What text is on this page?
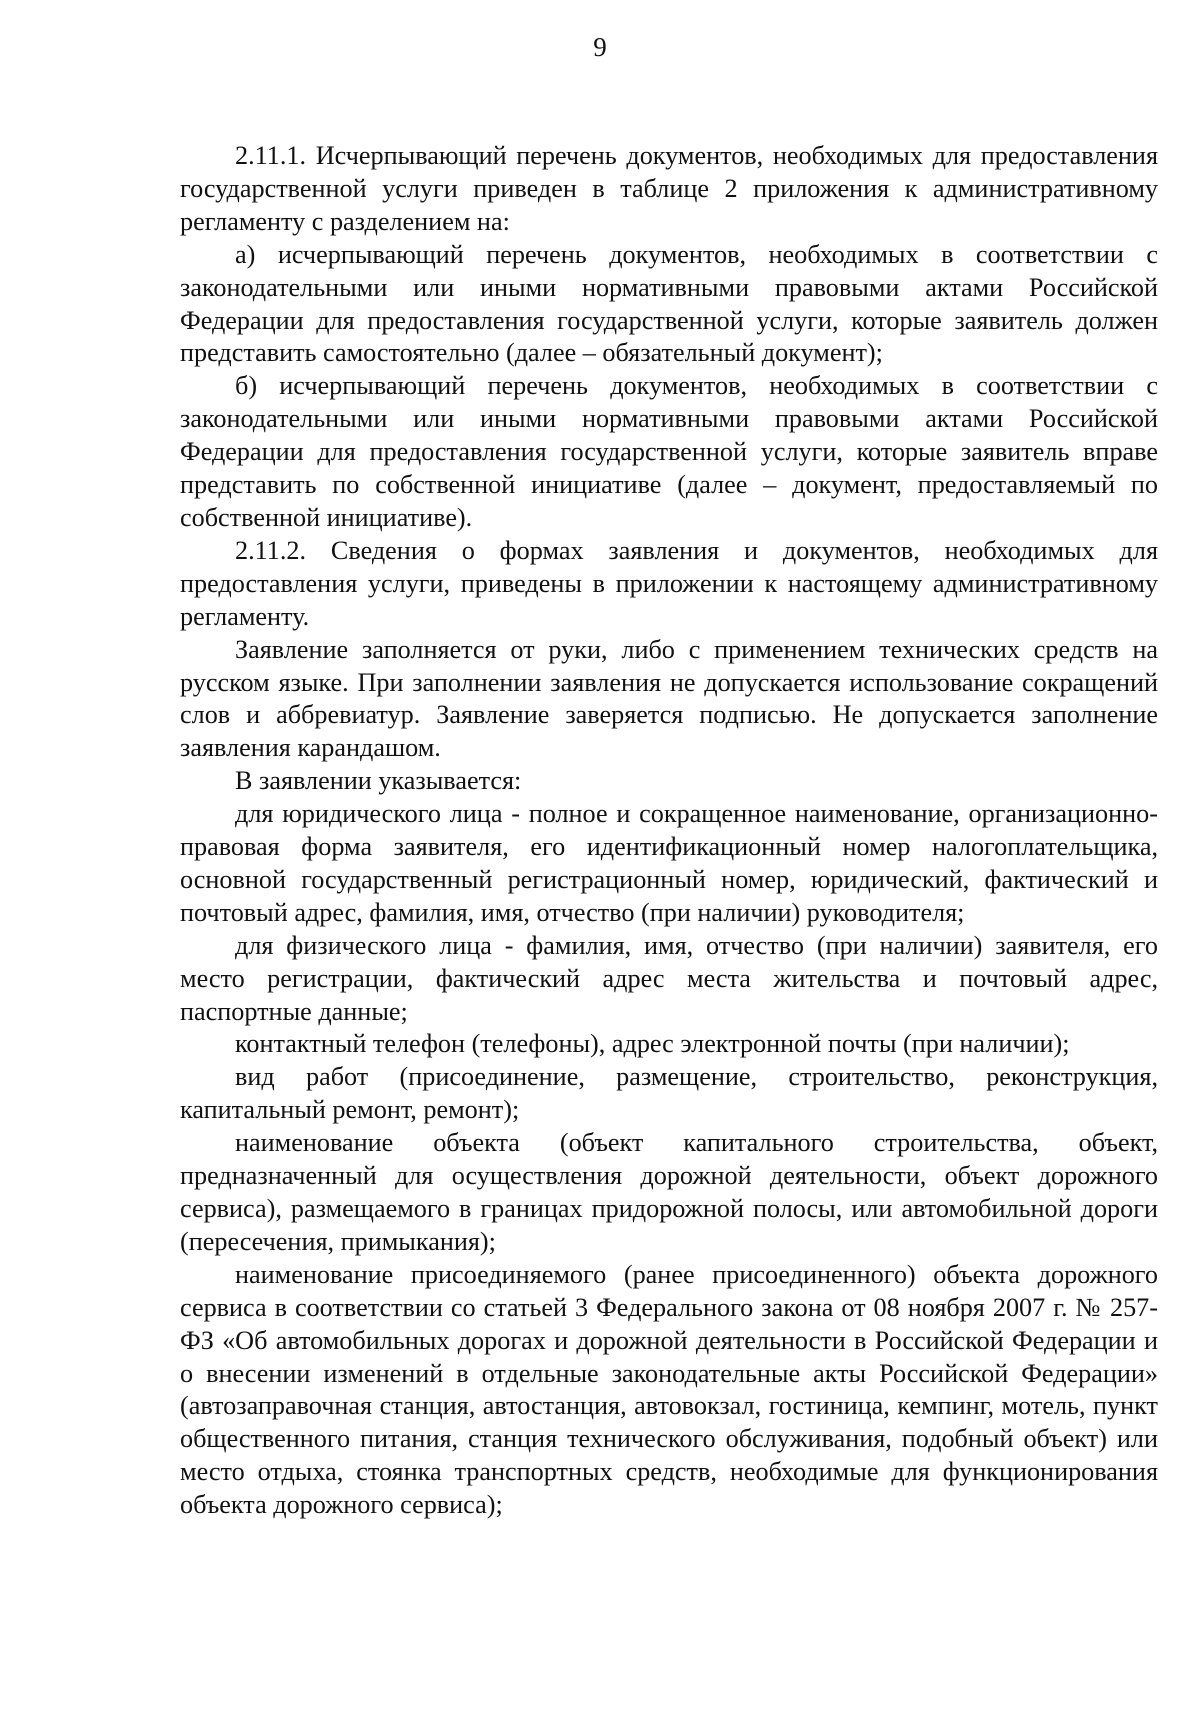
9

2.11.1. Исчерпывающий перечень документов, необходимых для предоставления государственной услуги приведен в таблице 2 приложения к административному регламенту с разделением на:

а) исчерпывающий перечень документов, необходимых в соответствии с законодательными или иными нормативными правовыми актами Российской Федерации для предоставления государственной услуги, которые заявитель должен представить самостоятельно (далее – обязательный документ);

б) исчерпывающий перечень документов, необходимых в соответствии с законодательными или иными нормативными правовыми актами Российской Федерации для предоставления государственной услуги, которые заявитель вправе представить по собственной инициативе (далее – документ, предоставляемый по собственной инициативе).

2.11.2. Сведения о формах заявления и документов, необходимых для предоставления услуги, приведены в приложении к настоящему административному регламенту.

Заявление заполняется от руки, либо с применением технических средств на русском языке. При заполнении заявления не допускается использование сокращений слов и аббревиатур. Заявление заверяется подписью. Не допускается заполнение заявления карандашом.

В заявлении указывается:

для юридического лица - полное и сокращенное наименование, организационно-правовая форма заявителя, его идентификационный номер налогоплательщика, основной государственный регистрационный номер, юридический, фактический и почтовый адрес, фамилия, имя, отчество (при наличии) руководителя;

для физического лица - фамилия, имя, отчество (при наличии) заявителя, его место регистрации, фактический адрес места жительства и почтовый адрес, паспортные данные;

контактный телефон (телефоны), адрес электронной почты (при наличии);

вид работ (присоединение, размещение, строительство, реконструкция, капитальный ремонт, ремонт);

наименование объекта (объект капитального строительства, объект, предназначенный для осуществления дорожной деятельности, объект дорожного сервиса), размещаемого в границах придорожной полосы, или автомобильной дороги (пересечения, примыкания);

наименование присоединяемого (ранее присоединенного) объекта дорожного сервиса в соответствии со статьей 3 Федерального закона от 08 ноября 2007 г. № 257-ФЗ «Об автомобильных дорогах и дорожной деятельности в Российской Федерации и о внесении изменений в отдельные законодательные акты Российской Федерации» (автозаправочная станция, автостанция, автовокзал, гостиница, кемпинг, мотель, пункт общественного питания, станция технического обслуживания, подобный объект) или место отдыха, стоянка транспортных средств, необходимые для функционирования объекта дорожного сервиса);
